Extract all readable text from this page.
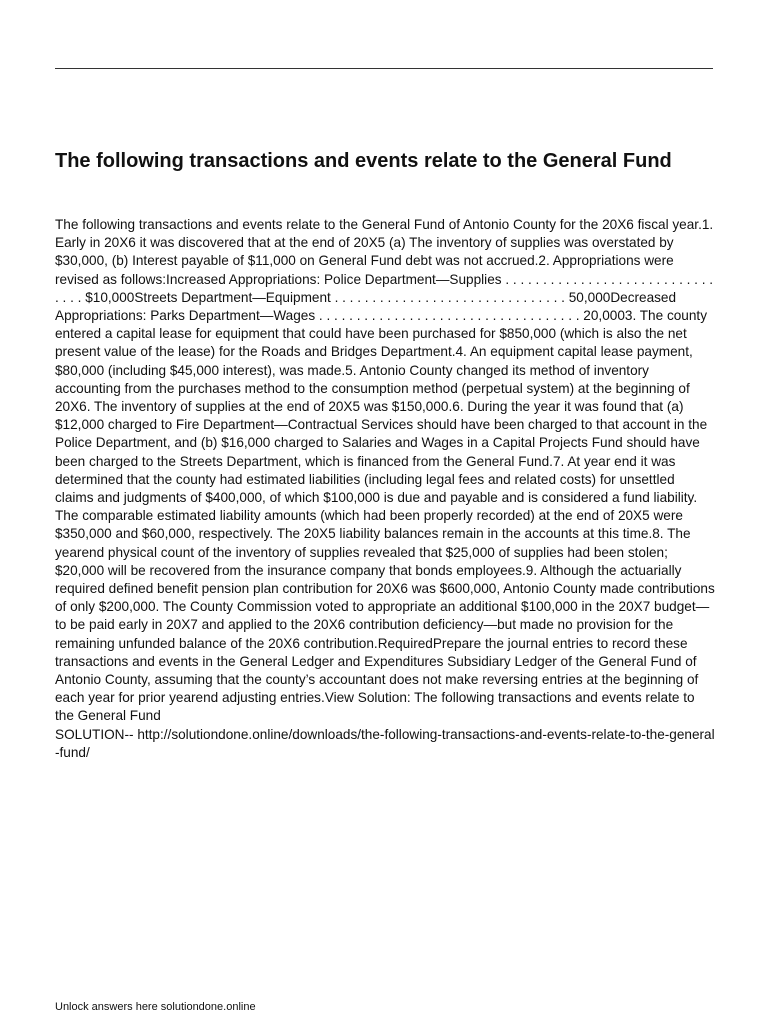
The following transactions and events relate to the General Fund
The following transactions and events relate to the General Fund of Antonio County for the 20X6 fiscal year.1. Early in 20X6 it was discovered that at the end of 20X5 (a) The inventory of supplies was overstated by $30,000, (b) Interest payable of $11,000 on General Fund debt was not accrued.2. Appropriations were revised as follows:Increased Appropriations: Police Department—Supplies . . . . . . . . . . . . . . . . . . . . . . . . . . . . . . . . $10,000Streets Department—Equipment . . . . . . . . . . . . . . . . . . . . . . . . . . . . . . . 50,000Decreased Appropriations: Parks Department—Wages . . . . . . . . . . . . . . . . . . . . . . . . . . . . . . . . . . . 20,0003. The county entered a capital lease for equipment that could have been purchased for $850,000 (which is also the net present value of the lease) for the Roads and Bridges Department.4. An equipment capital lease payment, $80,000 (including $45,000 interest), was made.5. Antonio County changed its method of inventory accounting from the purchases method to the consumption method (perpetual system) at the beginning of 20X6. The inventory of supplies at the end of 20X5 was $150,000.6. During the year it was found that (a) $12,000 charged to Fire Department—Contractual Services should have been charged to that account in the Police Department, and (b) $16,000 charged to Salaries and Wages in a Capital Projects Fund should have been charged to the Streets Department, which is financed from the General Fund.7. At year end it was determined that the county had estimated liabilities (including legal fees and related costs) for unsettled claims and judgments of $400,000, of which $100,000 is due and payable and is considered a fund liability. The comparable estimated liability amounts (which had been properly recorded) at the end of 20X5 were $350,000 and $60,000, respectively. The 20X5 liability balances remain in the accounts at this time.8. The yearend physical count of the inventory of supplies revealed that $25,000 of supplies had been stolen; $20,000 will be recovered from the insurance company that bonds employees.9. Although the actuarially required defined benefit pension plan contribution for 20X6 was $600,000, Antonio County made contributions of only $200,000. The County Commission voted to appropriate an additional $100,000 in the 20X7 budget—to be paid early in 20X7 and applied to the 20X6 contribution deficiency—but made no provision for the remaining unfunded balance of the 20X6 contribution.RequiredPrepare the journal entries to record these transactions and events in the General Ledger and Expenditures Subsidiary Ledger of the General Fund of Antonio County, assuming that the county’s accountant does not make reversing entries at the beginning of each year for prior yearend adjusting entries.View Solution: The following transactions and events relate to the General Fund
SOLUTION-- http://solutiondone.online/downloads/the-following-transactions-and-events-relate-to-the-general-fund/
Unlock answers here solutiondone.online
